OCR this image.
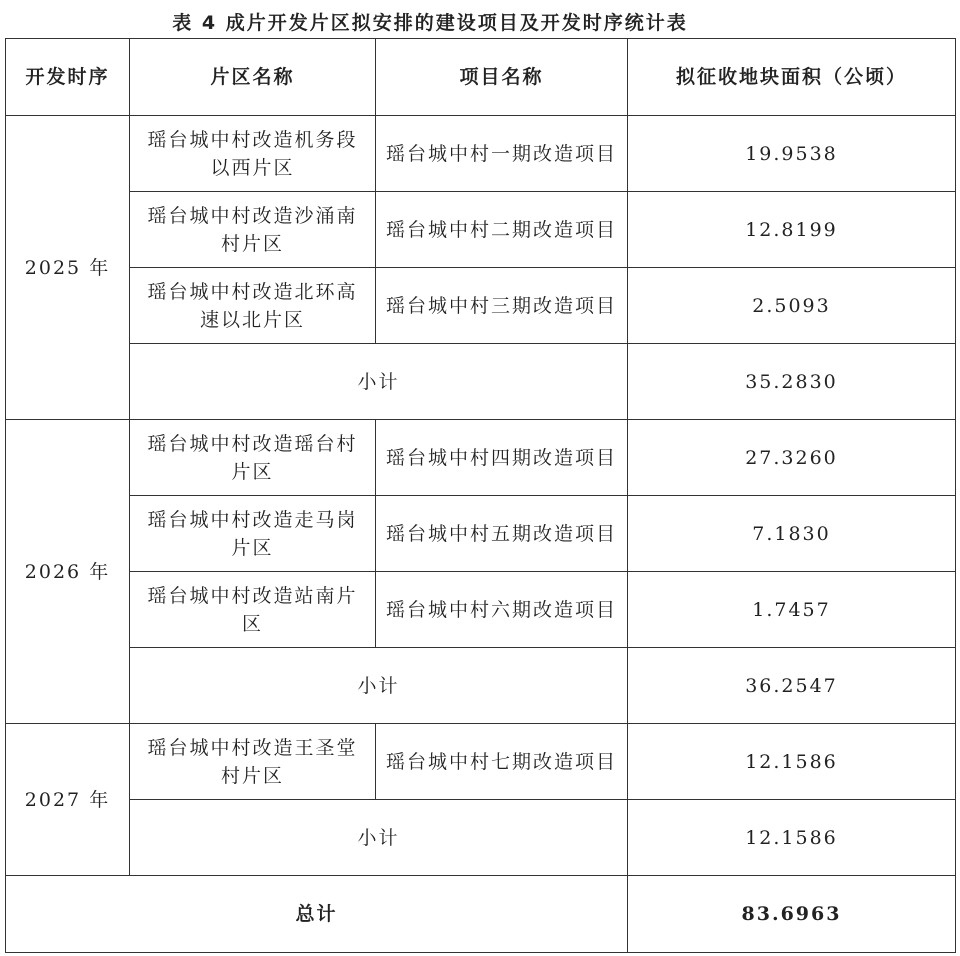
表 4 成片开发片区拟安排的建设项目及开发时序统计表
开发时序	片区名称	项目名称	拟征收地块面积（公顷）
2025 年	瑶台城中村改造机务段以西片区	瑶台城中村一期改造项目	19.9538
	瑶台城中村改造沙涌南村片区	瑶台城中村二期改造项目	12.8199
	瑶台城中村改造北环高速以北片区	瑶台城中村三期改造项目	2.5093
	小计		35.2830
2026 年	瑶台城中村改造瑶台村片区	瑶台城中村四期改造项目	27.3260
	瑶台城中村改造走马岗片区	瑶台城中村五期改造项目	7.1830
	瑶台城中村改造站南片区	瑶台城中村六期改造项目	1.7457
	小计		36.2547
2027 年	瑶台城中村改造王圣堂村片区	瑶台城中村七期改造项目	12.1586
	小计		12.1586
总计			83.6963
